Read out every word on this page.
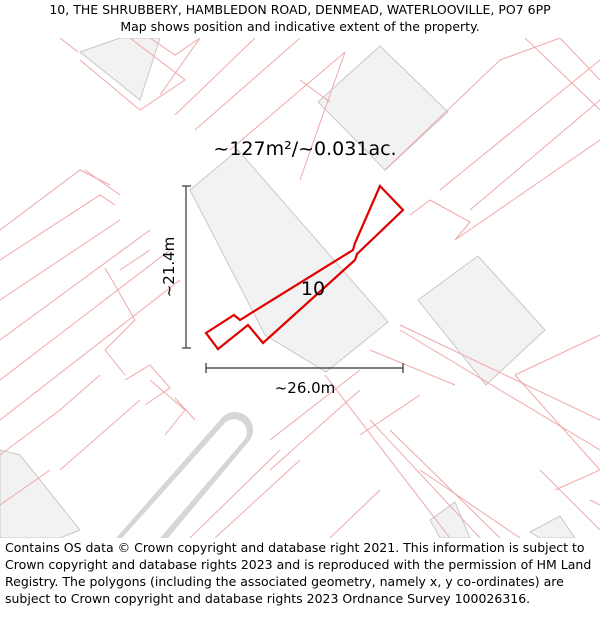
10, THE SHRUBBERY, HAMBLEDON ROAD, DENMEAD, WATERLOOVILLE, PO7 6PP
Map shows position and indicative extent of the property.
~127m²/~0.031ac.
10
~21.4m
~26.0m
Contains OS data © Crown copyright and database right 2021. This information is subject to Crown copyright and database rights 2023 and is reproduced with the permission of HM Land Registry. The polygons (including the associated geometry, namely x, y co-ordinates) are subject to Crown copyright and database rights 2023 Ordnance Survey 100026316.
